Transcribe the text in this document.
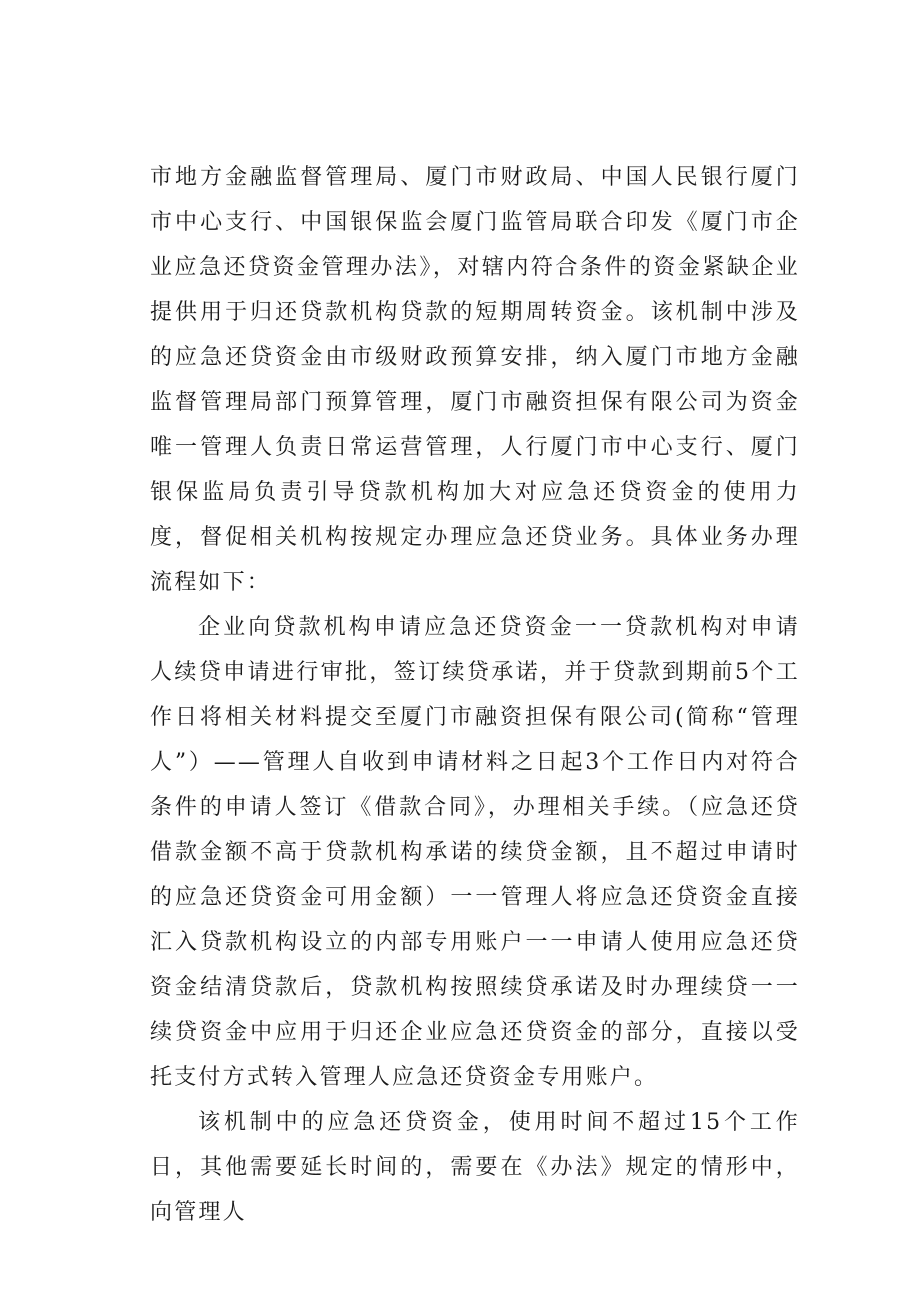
市地方金融监督管理局、厦门市财政局、中国人民银行厦门市中心支行、中国银保监会厦门监管局联合印发《厦门市企业应急还贷资金管理办法》，对辖内符合条件的资金紧缺企业提供用于归还贷款机构贷款的短期周转资金。该机制中涉及的应急还贷资金由市级财政预算安排，纳入厦门市地方金融监督管理局部门预算管理，厦门市融资担保有限公司为资金唯一管理人负责日常运营管理，人行厦门市中心支行、厦门银保监局负责引导贷款机构加大对应急还贷资金的使用力度，督促相关机构按规定办理应急还贷业务。具体业务办理流程如下：

企业向贷款机构申请应急还贷资金一一贷款机构对申请人续贷申请进行审批，签订续贷承诺，并于贷款到期前5个工作日将相关材料提交至厦门市融资担保有限公司(简称“管理人”）——管理人自收到申请材料之日起3个工作日内对符合条件的申请人签订《借款合同》，办理相关手续。（应急还贷借款金额不高于贷款机构承诺的续贷金额，且不超过申请时的应急还贷资金可用金额）一一管理人将应急还贷资金直接汇入贷款机构设立的内部专用账户一一申请人使用应急还贷资金结清贷款后，贷款机构按照续贷承诺及时办理续贷一一续贷资金中应用于归还企业应急还贷资金的部分，直接以受托支付方式转入管理人应急还贷资金专用账户。

该机制中的应急还贷资金，使用时间不超过15个工作日，其他需要延长时间的，需要在《办法》规定的情形中，向管理人
